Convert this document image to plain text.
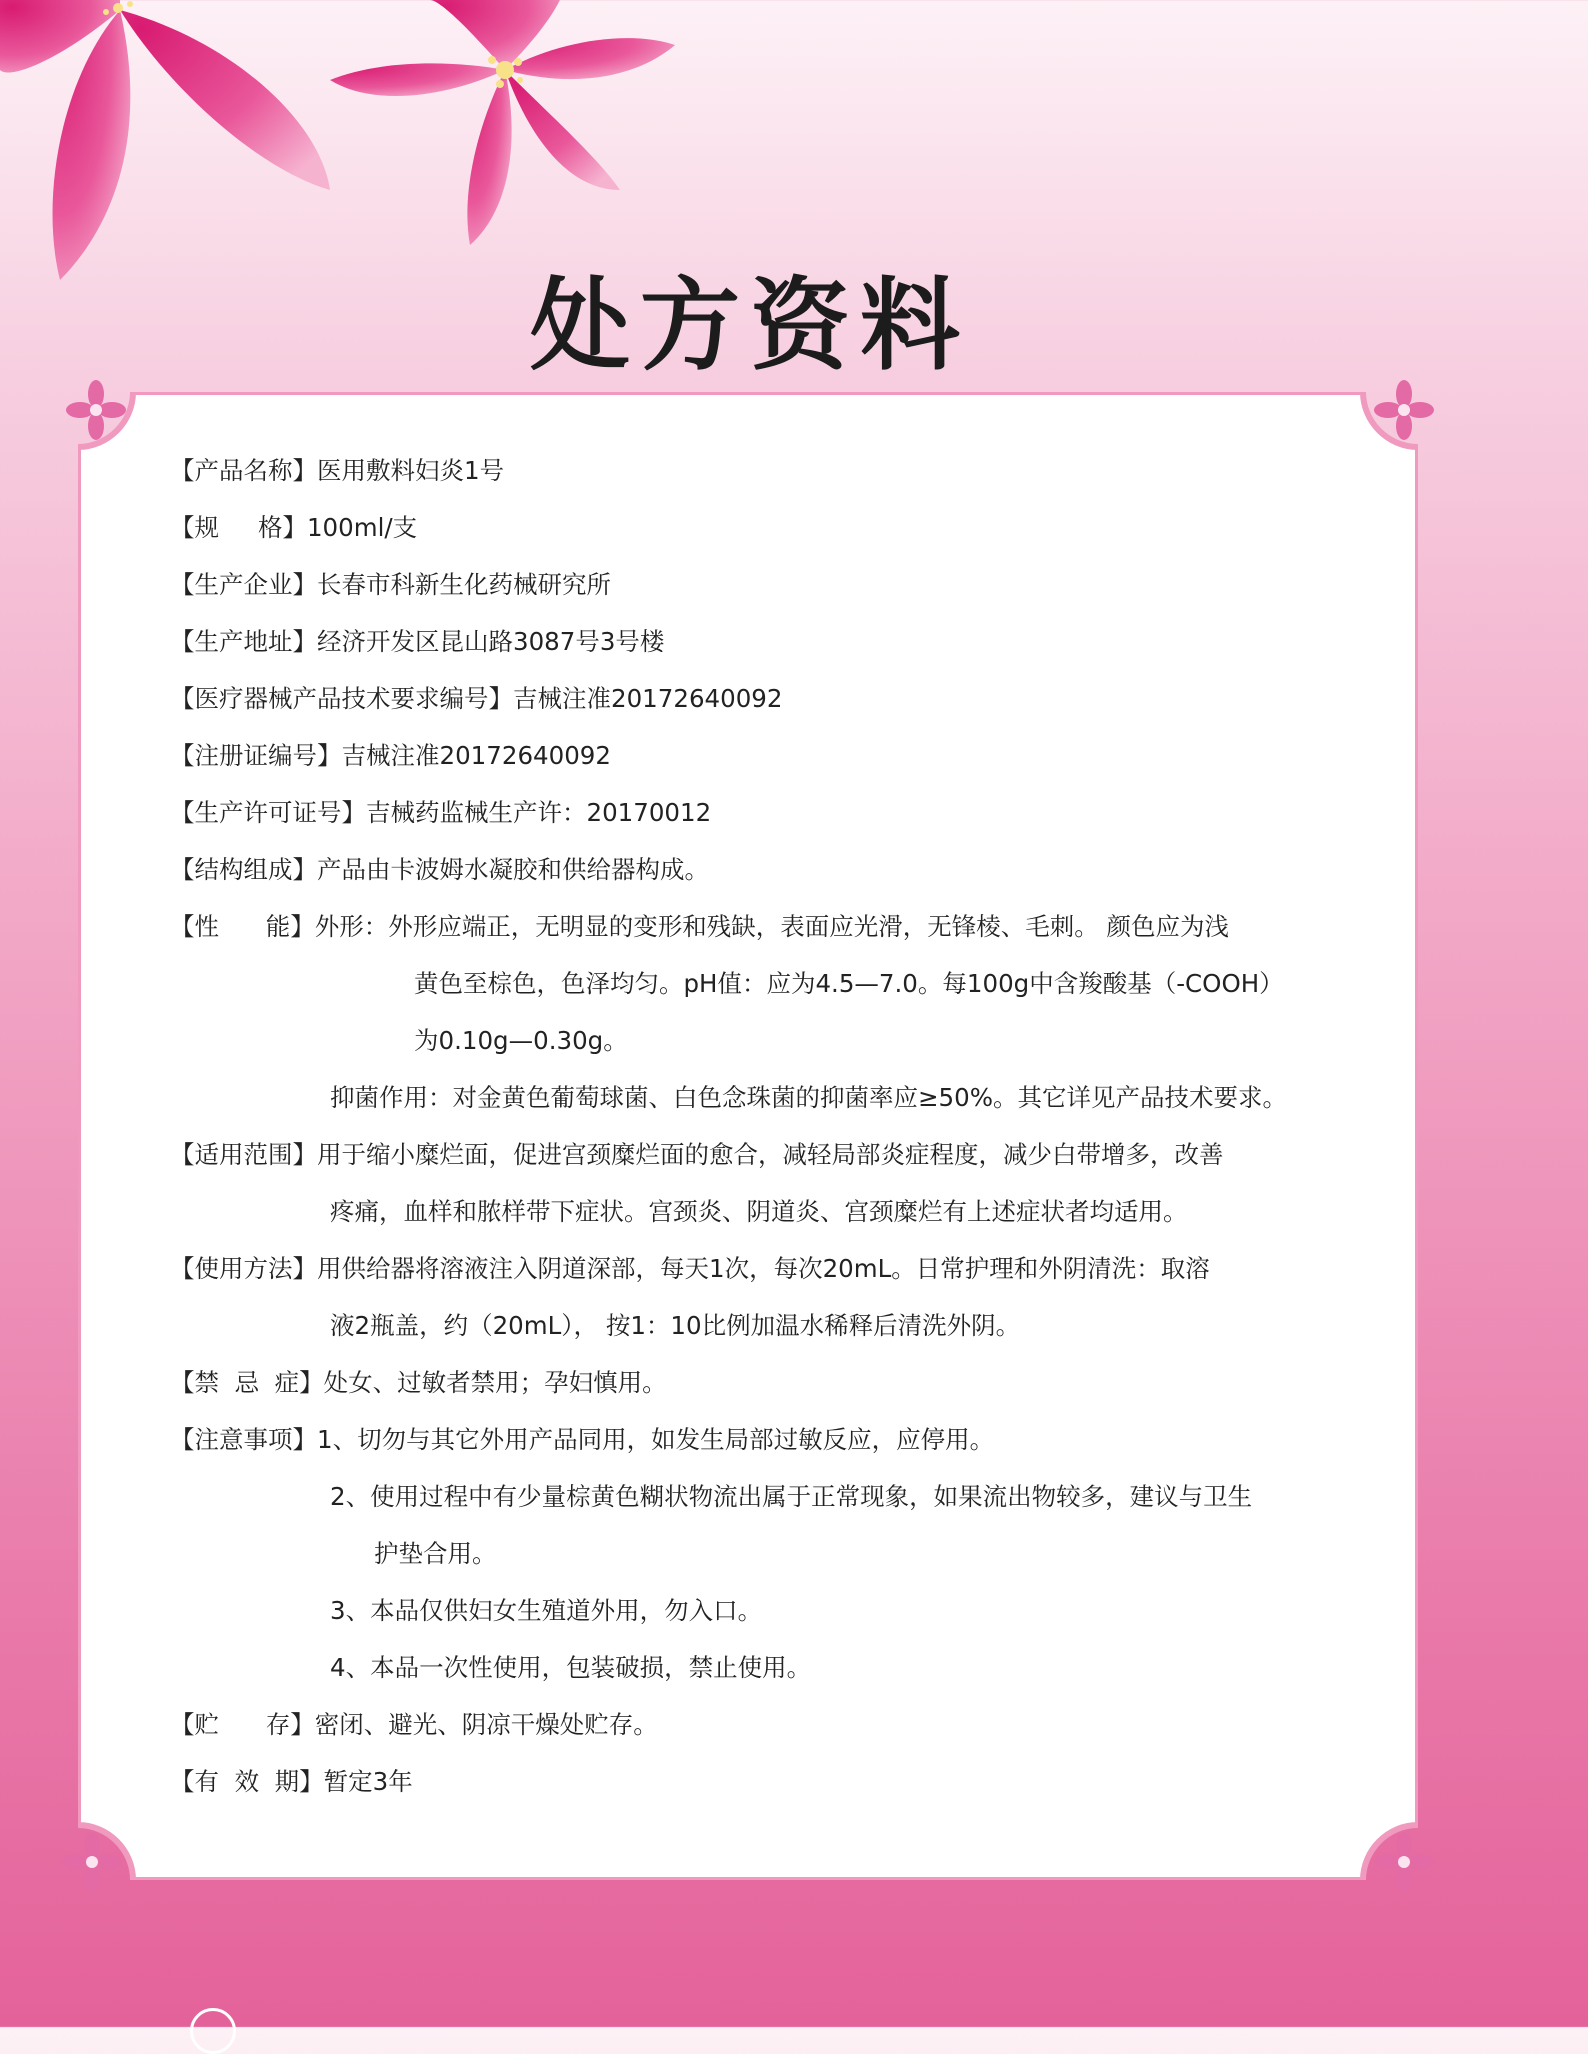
处方资料
【产品名称】医用敷料妇炎1号
【规     格】100ml/支
【生产企业】长春市科新生化药械研究所
【生产地址】经济开发区昆山路3087号3号楼
【医疗器械产品技术要求编号】吉械注准20172640092
【注册证编号】吉械注准20172640092
【生产许可证号】吉械药监械生产许：20170012
【结构组成】产品由卡波姆水凝胶和供给器构成。
【性      能】外形：外形应端正，无明显的变形和残缺，表面应光滑，无锋棱、毛刺。 颜色应为浅
黄色至棕色，色泽均匀。pH值：应为4.5—7.0。每100g中含羧酸基（-COOH）
为0.10g—0.30g。
抑菌作用：对金黄色葡萄球菌、白色念珠菌的抑菌率应≥50%。其它详见产品技术要求。
【适用范围】用于缩小糜烂面，促进宫颈糜烂面的愈合，减轻局部炎症程度，减少白带增多，改善
疼痛，血样和脓样带下症状。宫颈炎、阴道炎、宫颈糜烂有上述症状者均适用。
【使用方法】用供给器将溶液注入阴道深部，每天1次，每次20mL。日常护理和外阴清洗：取溶
液2瓶盖，约（20mL）， 按1：10比例加温水稀释后清洗外阴。
【禁  忌  症】处女、过敏者禁用；孕妇慎用。
【注意事项】1、切勿与其它外用产品同用，如发生局部过敏反应，应停用。
2、使用过程中有少量棕黄色糊状物流出属于正常现象，如果流出物较多，建议与卫生
护垫合用。
3、本品仅供妇女生殖道外用，勿入口。
4、本品一次性使用，包装破损，禁止使用。
【贮      存】密闭、避光、阴凉干燥处贮存。
【有  效  期】暂定3年
